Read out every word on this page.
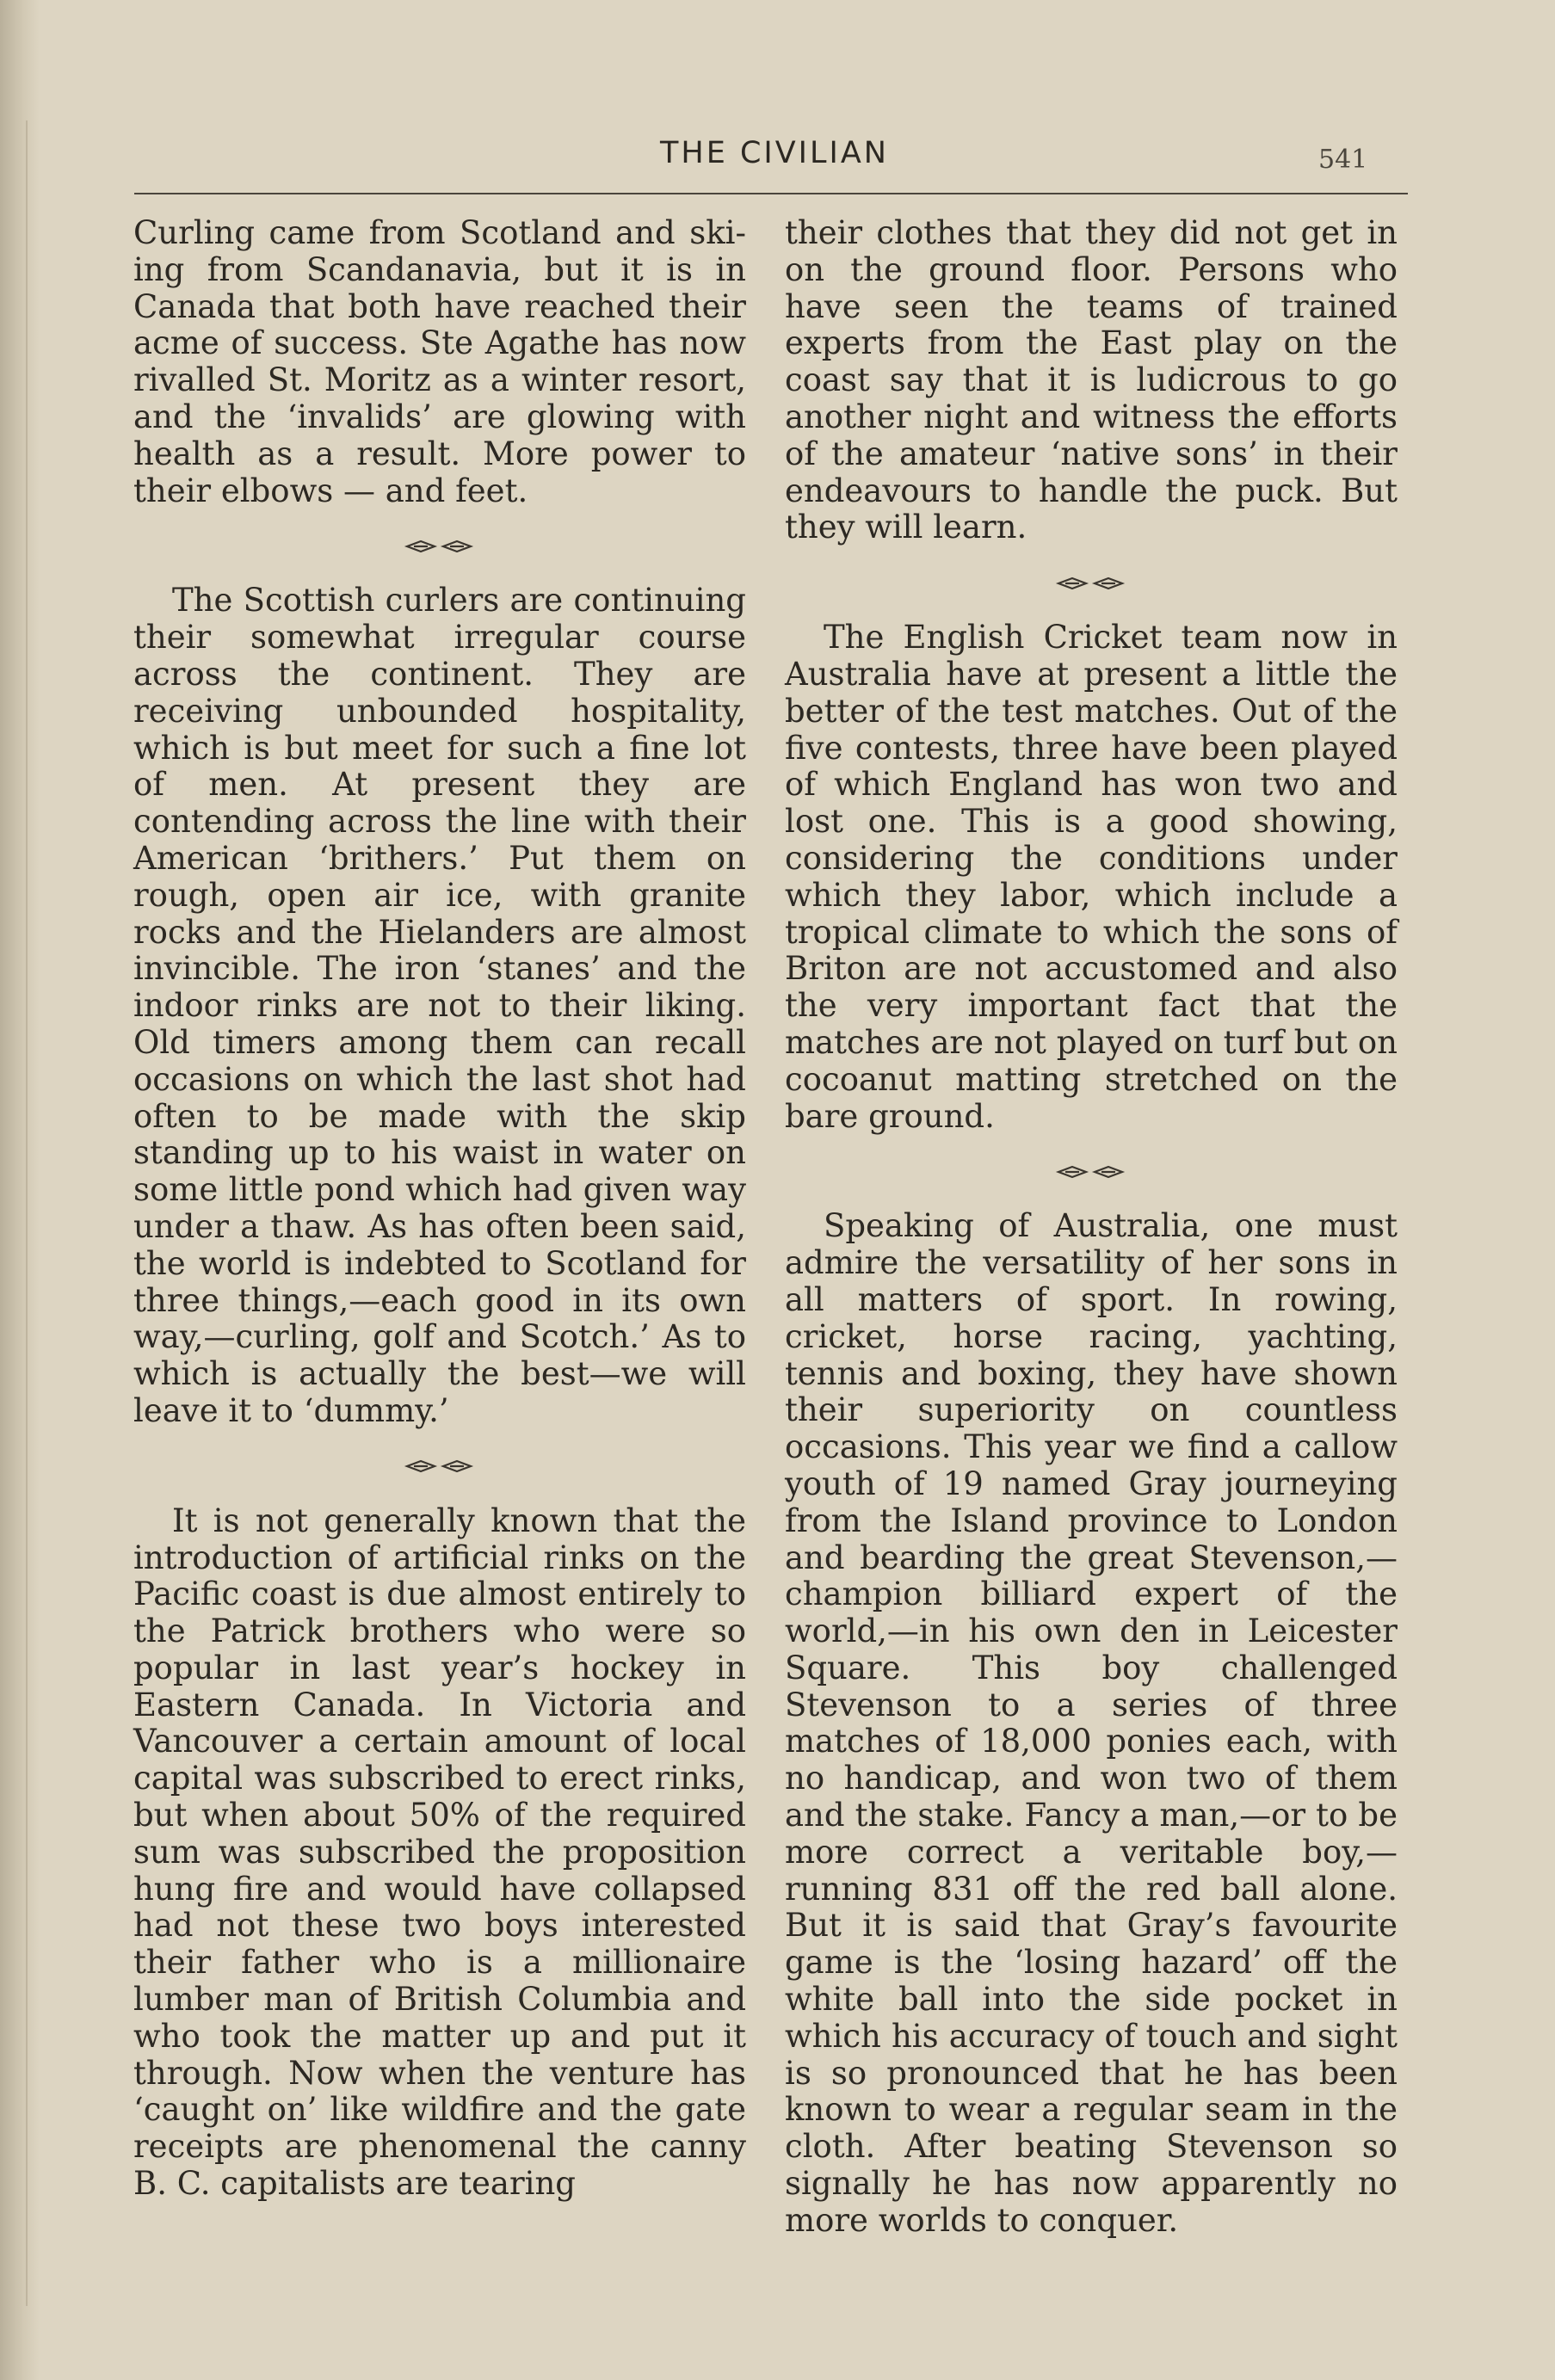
THE CIVILIAN	541

Curling came from Scotland and ski-ing from Scandanavia, but it is in Canada that both have reached their acme of success. Ste Agathe has now rivalled St. Moritz as a winter resort, and the ‘invalids’ are glowing with health as a result. More power to their elbows — and feet.

The Scottish curlers are continuing their somewhat irregular course across the continent. They are receiving unbounded hospitality, which is but meet for such a fine lot of men. At present they are contending across the line with their American ‘brithers.’ Put them on rough, open air ice, with granite rocks and the Hielanders are almost invincible. The iron ‘stanes’ and the indoor rinks are not to their liking. Old timers among them can recall occasions on which the last shot had often to be made with the skip standing up to his waist in water on some little pond which had given way under a thaw. As has often been said, the world is indebted to Scotland for three things,—each good in its own way,—curling, golf and Scotch.’ As to which is actually the best—we will leave it to ‘dummy.’

It is not generally known that the introduction of artificial rinks on the Pacific coast is due almost entirely to the Patrick brothers who were so popular in last year’s hockey in Eastern Canada. In Victoria and Vancouver a certain amount of local capital was subscribed to erect rinks, but when about 50% of the required sum was subscribed the proposition hung fire and would have collapsed had not these two boys interested their father who is a millionaire lumber man of British Columbia and who took the matter up and put it through. Now when the venture has ‘caught on’ like wildfire and the gate receipts are phenomenal the canny B. C. capitalists are tearing

their clothes that they did not get in on the ground floor. Persons who have seen the teams of trained experts from the East play on the coast say that it is ludicrous to go another night and witness the efforts of the amateur ‘native sons’ in their endeavours to handle the puck. But they will learn.

The English Cricket team now in Australia have at present a little the better of the test matches. Out of the five contests, three have been played of which England has won two and lost one. This is a good showing, considering the conditions under which they labor, which include a tropical climate to which the sons of Briton are not accustomed and also the very important fact that the matches are not played on turf but on cocoanut matting stretched on the bare ground.

Speaking of Australia, one must admire the versatility of her sons in all matters of sport. In rowing, cricket, horse racing, yachting, tennis and boxing, they have shown their superiority on countless occasions. This year we find a callow youth of 19 named Gray journeying from the Island province to London and bearding the great Stevenson,—champion billiard expert of the world,—in his own den in Leicester Square. This boy challenged Stevenson to a series of three matches of 18,000 ponies each, with no handicap, and won two of them and the stake. Fancy a man,—or to be more correct a veritable boy,—running 831 off the red ball alone. But it is said that Gray’s favourite game is the ‘losing hazard’ off the white ball into the side pocket in which his accuracy of touch and sight is so pronounced that he has been known to wear a regular seam in the cloth. After beating Stevenson so signally he has now apparently no more worlds to conquer.
